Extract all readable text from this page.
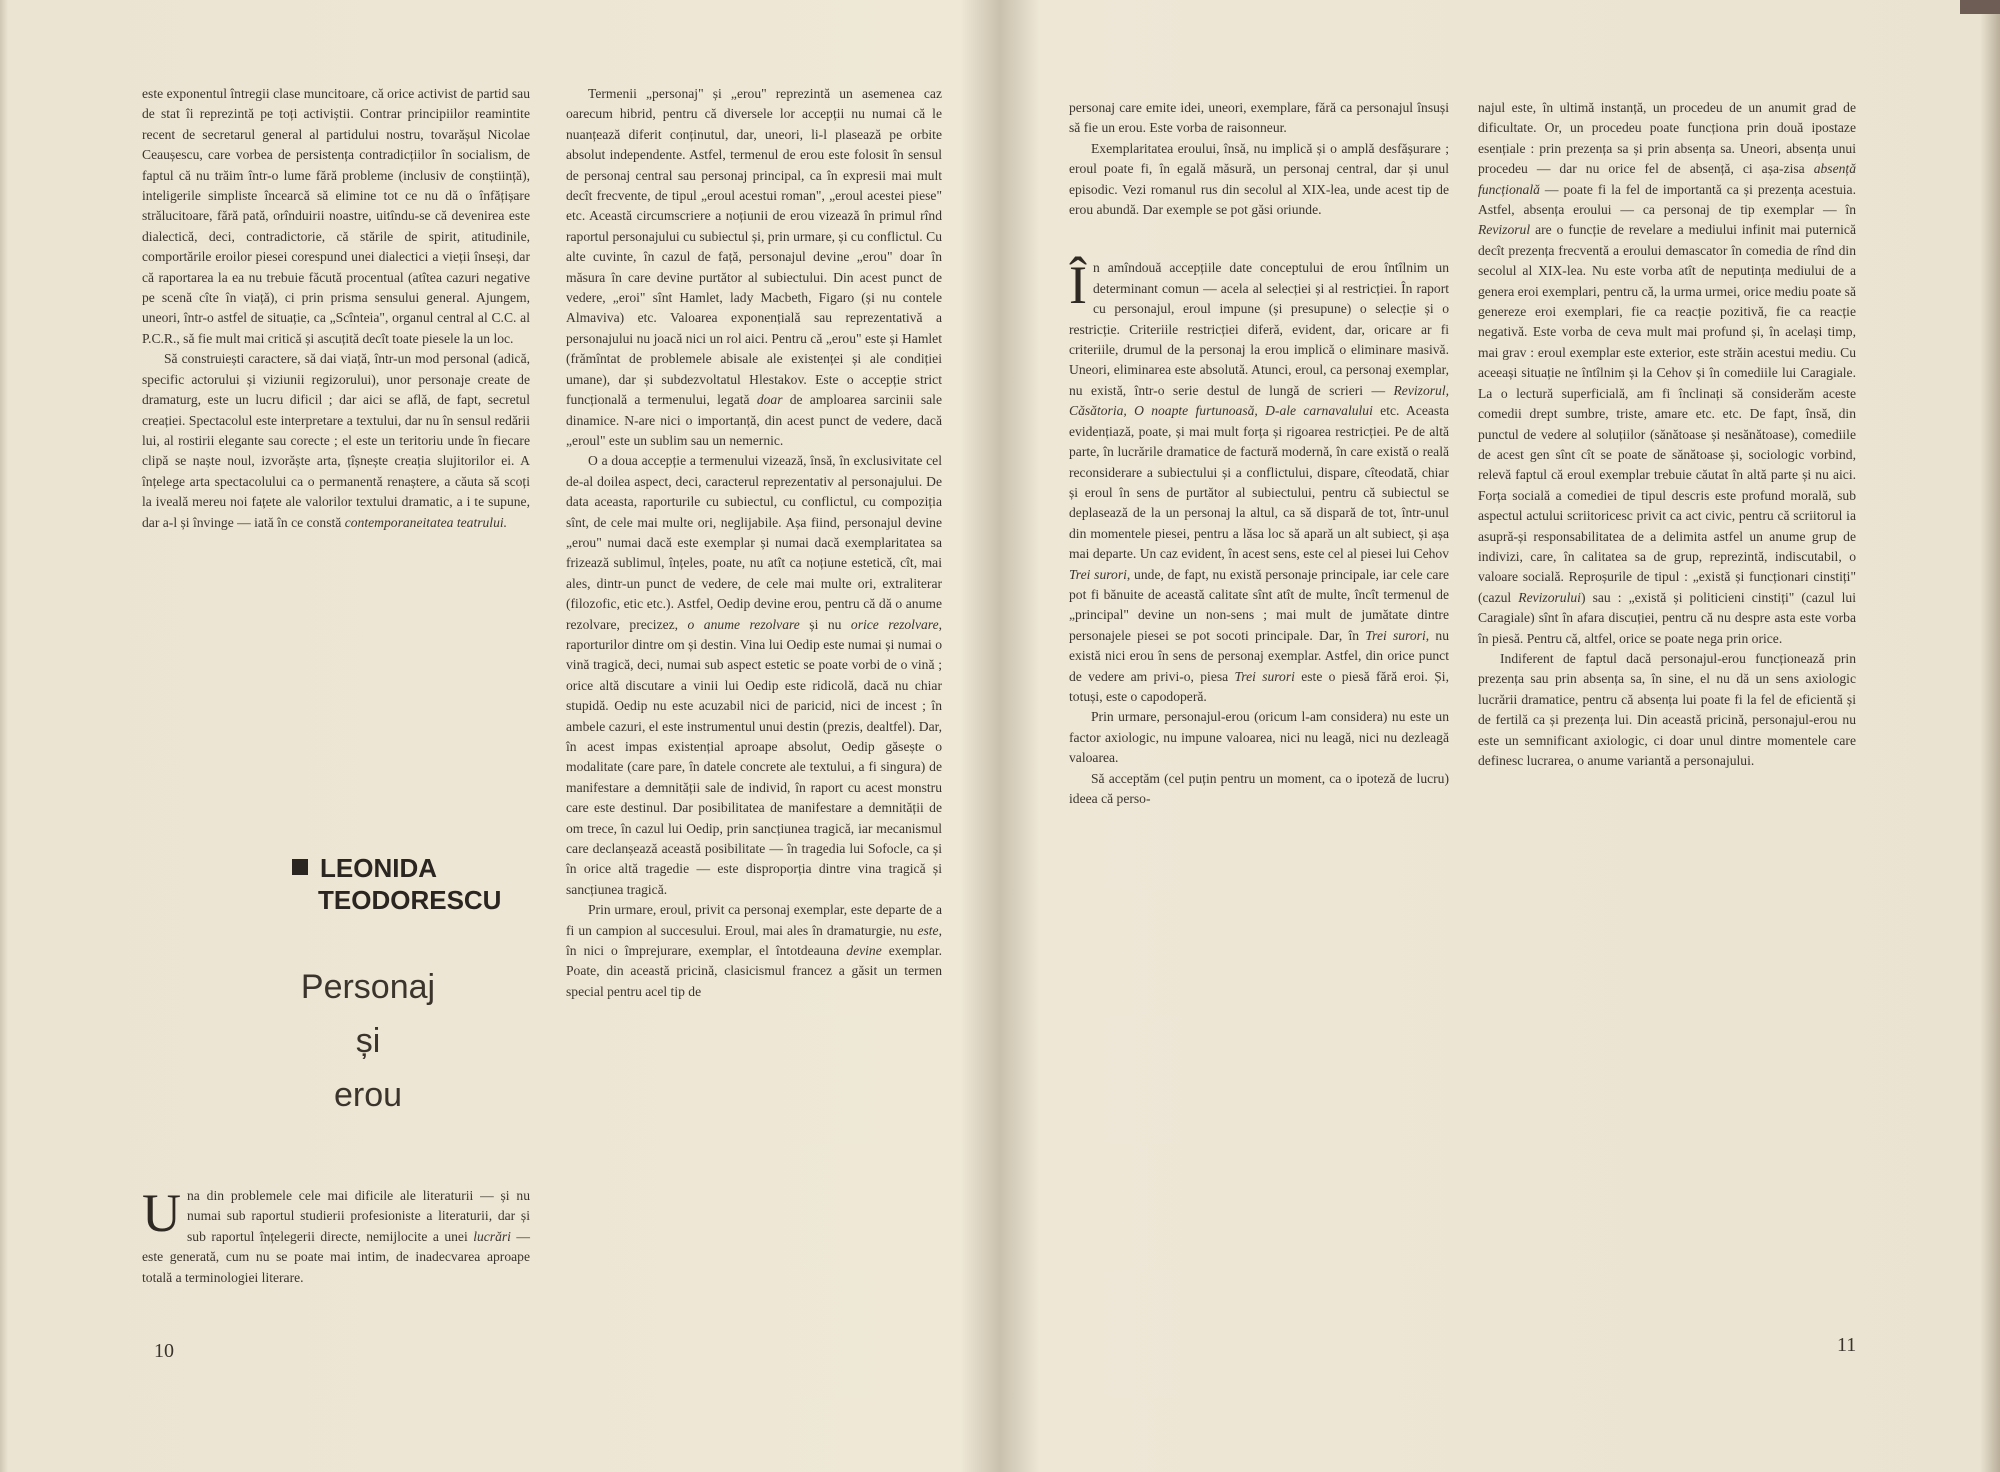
este exponentul întregii clase muncitoare, că orice activist de partid sau de stat îi reprezintă pe toți activiștii. Contrar principiilor reamintite recent de secretarul general al partidului nostru, tovarășul Nicolae Ceaușescu, care vorbea de persistența contradicțiilor în socialism, de faptul că nu trăim într-o lume fără probleme (inclusiv de conștiință), inteligerile simpliste încearcă să elimine tot ce nu dă o înfățișare strălucitoare, fără pată, orînduirii noastre, uitîndu-se că devenirea este dialectică, deci, contradictorie, că stările de spirit, atitudinile, comportările eroilor piesei corespund unei dialectici a vieții înseși, dar că raportarea la ea nu trebuie făcută procentual (atîtea cazuri negative pe scenă cîte în viață), ci prin prisma sensului general. Ajungem, uneori, într-o astfel de situație, ca „Scînteia", organul central al C.C. al P.C.R., să fie mult mai critică și ascuțită decît toate piesele la un loc.

Să construiești caractere, să dai viață, într-un mod personal (adică, specific actorului și viziunii regizorului), unor personaje create de dramaturg, este un lucru dificil ; dar aici se află, de fapt, secretul creației. Spectacolul este interpretare a textului, dar nu în sensul redării lui, al rostirii elegante sau corecte ; el este un teritoriu unde în fiecare clipă se naște noul, izvorăște arta, țîșnește creația slujitorilor ei. A înțelege arta spectacolului ca o permanentă renaștere, a căuta să scoți la iveală mereu noi fațete ale valorilor textului dramatic, a i te supune, dar a-l și învinge — iată în ce constă contemporaneitatea teatrului.

LEONIDA
TEODORESCU
Personaj
și
erou

Una din problemele cele mai dificile ale literaturii — și nu numai sub raportul studierii profesioniste a literaturii, dar și sub raportul înțelegerii directe, nemijlocite a unei lucrări — este generată, cum nu se poate mai intim, de inadecvarea aproape totală a terminologiei literare.

Termenii „personaj" și „erou" reprezintă un asemenea caz oarecum hibrid, pentru că diversele lor accepții nu numai că le nuanțează diferit conținutul, dar, uneori, li-l plasează pe orbite absolut independente. Astfel, termenul de erou este folosit în sensul de personaj central sau personaj principal, ca în expresii mai mult decît frecvente, de tipul „eroul acestui roman", „eroul acestei piese" etc. Această circumscriere a noțiunii de erou vizează în primul rînd raportul personajului cu subiectul și, prin urmare, și cu conflictul. Cu alte cuvinte, în cazul de față, personajul devine „erou" doar în măsura în care devine purtător al subiectului. Din acest punct de vedere, „eroi" sînt Hamlet, lady Macbeth, Figaro (și nu contele Almaviva) etc. Valoarea exponențială sau reprezentativă a personajului nu joacă nici un rol aici. Pentru că „erou" este și Hamlet (frămîntat de problemele abisale ale existenței și ale condiției umane), dar și subdezvoltatul Hlestakov. Este o accepție strict funcțională a termenului, legată doar de amploarea sarcinii sale dinamice. N-are nici o importanță, din acest punct de vedere, dacă „eroul" este un sublim sau un nemernic.

O a doua accepție a termenului vizează, însă, în exclusivitate cel de-al doilea aspect, deci, caracterul reprezentativ al personajului. De data aceasta, raporturile cu subiectul, cu conflictul, cu compoziția sînt, de cele mai multe ori, neglijabile. Așa fiind, personajul devine „erou" numai dacă este exemplar și numai dacă exemplaritatea sa frizează sublimul, înțeles, poate, nu atît ca noțiune estetică, cît, mai ales, dintr-un punct de vedere, de cele mai multe ori, extraliterar (filozofic, etic etc.). Astfel, Oedip devine erou, pentru că dă o anume rezolvare, precizez, o anume rezolvare și nu orice rezolvare, raporturilor dintre om și destin. Vina lui Oedip este numai și numai o vină tragică, deci, numai sub aspect estetic se poate vorbi de o vină ; orice altă discutare a vinii lui Oedip este ridicolă, dacă nu chiar stupidă. Oedip nu este acuzabil nici de paricid, nici de incest ; în ambele cazuri, el este instrumentul unui destin (prezis, dealtfel). Dar, în acest impas existențial aproape absolut, Oedip găsește o modalitate (care pare, în datele concrete ale textului, a fi singura) de manifestare a demnității sale de individ, în raport cu acest monstru care este destinul. Dar posibilitatea de manifestare a demnității de om trece, în cazul lui Oedip, prin sancțiunea tragică, iar mecanismul care declanșează această posibilitate — în tragedia lui Sofocle, ca și în orice altă tragedie — este disproporția dintre vina tragică și sancțiunea tragică.

Prin urmare, eroul, privit ca personaj exemplar, este departe de a fi un campion al succesului. Eroul, mai ales în dramaturgie, nu este, în nici o împrejurare, exemplar, el întotdeauna devine exemplar. Poate, din această pricină, clasicismul francez a găsit un termen special pentru acel tip de

10

personaj care emite idei, uneori, exemplare, fără ca personajul însuși să fie un erou. Este vorba de raisonneur.

Exemplaritatea eroului, însă, nu implică și o amplă desfășurare ; eroul poate fi, în egală măsură, un personaj central, dar și unul episodic. Vezi romanul rus din secolul al XIX-lea, unde acest tip de erou abundă. Dar exemple se pot găsi oriunde.

În amîndouă accepțiile date conceptului de erou întîlnim un determinant comun — acela al selecției și al restricției. În raport cu personajul, eroul impune (și presupune) o selecție și o restricție. Criteriile restricției diferă, evident, dar, oricare ar fi criteriile, drumul de la personaj la erou implică o eliminare masivă. Uneori, eliminarea este absolută. Atunci, eroul, ca personaj exemplar, nu există, într-o serie destul de lungă de scrieri — Revizorul, Căsătoria, O noapte furtunoasă, D-ale carnavalului etc. Aceasta evidențiază, poate, și mai mult forța și rigoarea restricției. Pe de altă parte, în lucrările dramatice de factură modernă, în care există o reală reconsiderare a subiectului și a conflictului, dispare, cîteodată, chiar și eroul în sens de purtător al subiectului, pentru că subiectul se deplasează de la un personaj la altul, ca să dispară de tot, într-unul din momentele piesei, pentru a lăsa loc să apară un alt subiect, și așa mai departe. Un caz evident, în acest sens, este cel al piesei lui Cehov Trei surori, unde, de fapt, nu există personaje principale, iar cele care pot fi bănuite de această calitate sînt atît de multe, încît termenul de „principal" devine un non-sens ; mai mult de jumătate dintre personajele piesei se pot socoti principale. Dar, în Trei surori, nu există nici erou în sens de personaj exemplar. Astfel, din orice punct de vedere am privi-o, piesa Trei surori este o piesă fără eroi. Și, totuși, este o capodoperă.

Prin urmare, personajul-erou (oricum l-am considera) nu este un factor axiologic, nu impune valoarea, nici nu leagă, nici nu dezleagă valoarea.

Să acceptăm (cel puțin pentru un moment, ca o ipoteză de lucru) ideea că perso-

najul este, în ultimă instanță, un procedeu de un anumit grad de dificultate. Or, un procedeu poate funcționa prin două ipostaze esențiale : prin prezența sa și prin absența sa. Uneori, absența unui procedeu — dar nu orice fel de absență, ci așa-zisa absență funcțională — poate fi la fel de importantă ca și prezența acestuia. Astfel, absența eroului — ca personaj de tip exemplar — în Revizorul are o funcție de revelare a mediului infinit mai puternică decît prezența frecventă a eroului demascator în comedia de rînd din secolul al XIX-lea. Nu este vorba atît de neputința mediului de a genera eroi exemplari, pentru că, la urma urmei, orice mediu poate să genereze eroi exemplari, fie ca reacție pozitivă, fie ca reacție negativă. Este vorba de ceva mult mai profund și, în același timp, mai grav : eroul exemplar este exterior, este străin acestui mediu. Cu aceeași situație ne întîlnim și la Cehov și în comediile lui Caragiale. La o lectură superficială, am fi înclinați să considerăm aceste comedii drept sumbre, triste, amare etc. etc. De fapt, însă, din punctul de vedere al soluțiilor (sănătoase și nesănătoase), comediile de acest gen sînt cît se poate de sănătoase și, sociologic vorbind, relevă faptul că eroul exemplar trebuie căutat în altă parte și nu aici. Forța socială a comediei de tipul descris este profund morală, sub aspectul actului scriitoricesc privit ca act civic, pentru că scriitorul ia asupră-și responsabilitatea de a delimita astfel un anume grup de indivizi, care, în calitatea sa de grup, reprezintă, indiscutabil, o valoare socială. Reproșurile de tipul : „există și funcționari cinstiți" (cazul Revizorului) sau : „există și politicieni cinstiți" (cazul lui Caragiale) sînt în afara discuției, pentru că nu despre asta este vorba în piesă. Pentru că, altfel, orice se poate nega prin orice.

Indiferent de faptul dacă personajul-erou funcționează prin prezența sau prin absența sa, în sine, el nu dă un sens axiologic lucrării dramatice, pentru că absența lui poate fi la fel de eficientă și de fertilă ca și prezența lui. Din această pricină, personajul-erou nu este un semnificant axiologic, ci doar unul dintre momentele care definesc lucrarea, o anume variantă a personajului.

11
